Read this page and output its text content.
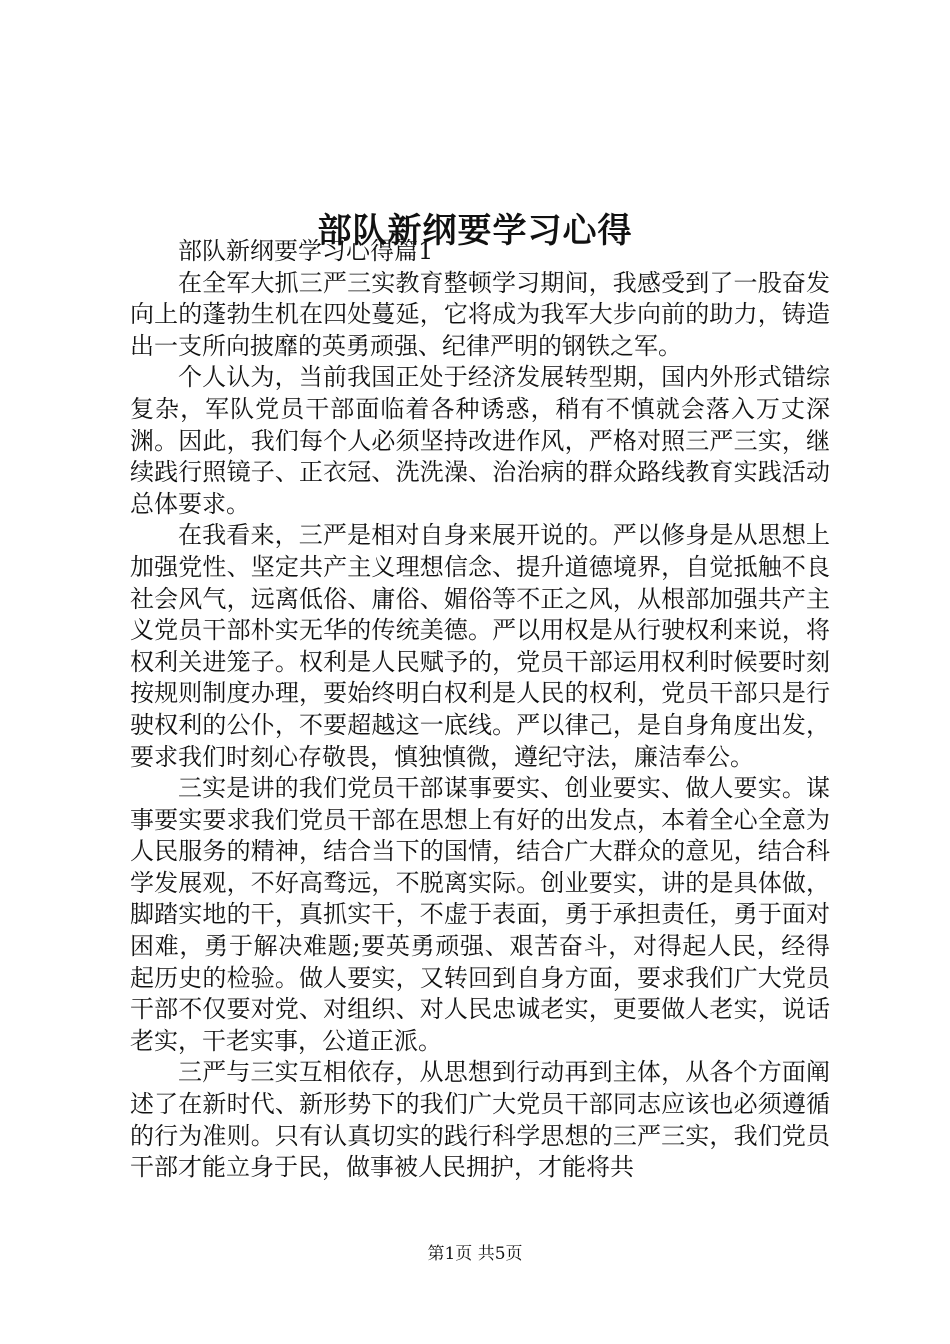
部队新纲要学习心得

部队新纲要学习心得篇1

在全军大抓三严三实教育整顿学习期间，我感受到了一股奋发向上的蓬勃生机在四处蔓延，它将成为我军大步向前的助力，铸造出一支所向披靡的英勇顽强、纪律严明的钢铁之军。

个人认为，当前我国正处于经济发展转型期，国内外形式错综复杂，军队党员干部面临着各种诱惑，稍有不慎就会落入万丈深渊。因此，我们每个人必须坚持改进作风，严格对照三严三实，继续践行照镜子、正衣冠、洗洗澡、治治病的群众路线教育实践活动总体要求。

在我看来，三严是相对自身来展开说的。严以修身是从思想上加强党性、坚定共产主义理想信念、提升道德境界，自觉抵触不良社会风气，远离低俗、庸俗、媚俗等不正之风，从根部加强共产主义党员干部朴实无华的传统美德。严以用权是从行驶权利来说，将权利关进笼子。权利是人民赋予的，党员干部运用权利时候要时刻按规则制度办理，要始终明白权利是人民的权利，党员干部只是行驶权利的公仆，不要超越这一底线。严以律己，是自身角度出发，要求我们时刻心存敬畏，慎独慎微，遵纪守法，廉洁奉公。

三实是讲的我们党员干部谋事要实、创业要实、做人要实。谋事要实要求我们党员干部在思想上有好的出发点，本着全心全意为人民服务的精神，结合当下的国情，结合广大群众的意见，结合科学发展观，不好高骛远，不脱离实际。创业要实，讲的是具体做，脚踏实地的干，真抓实干，不虚于表面，勇于承担责任，勇于面对困难，勇于解决难题;要英勇顽强、艰苦奋斗，对得起人民，经得起历史的检验。做人要实，又转回到自身方面，要求我们广大党员干部不仅要对党、对组织、对人民忠诚老实，更要做人老实，说话老实，干老实事，公道正派。

三严与三实互相依存，从思想到行动再到主体，从各个方面阐述了在新时代、新形势下的我们广大党员干部同志应该也必须遵循的行为准则。只有认真切实的践行科学思想的三严三实，我们党员干部才能立身于民，做事被人民拥护，才能将共

第1页 共5页
